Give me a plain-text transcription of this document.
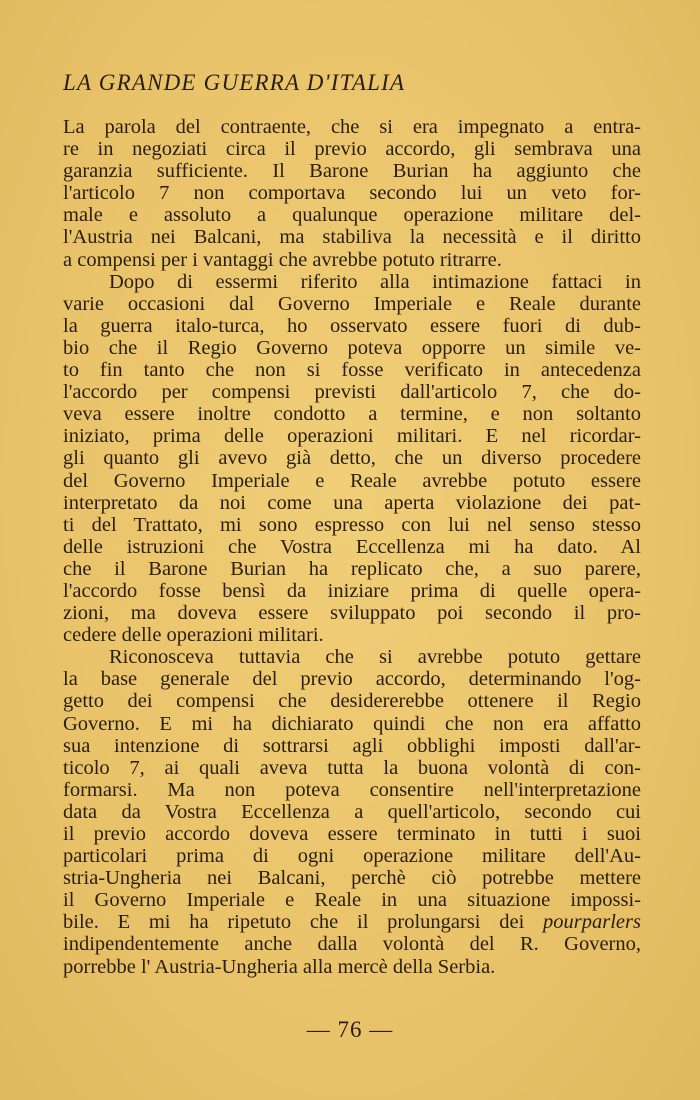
LA GRANDE GUERRA D'ITALIA
La parola del contraente, che si era impegnato a entra-
re in negoziati circa il previo accordo, gli sembrava una
garanzia sufficiente. Il Barone Burian ha aggiunto che
l'articolo 7 non comportava secondo lui un veto for-
male e assoluto a qualunque operazione militare del-
l'Austria nei Balcani, ma stabiliva la necessità e il diritto
a compensi per i vantaggi che avrebbe potuto ritrarre.
Dopo di essermi riferito alla intimazione fattaci in
varie occasioni dal Governo Imperiale e Reale durante
la guerra italo-turca, ho osservato essere fuori di dub-
bio che il Regio Governo poteva opporre un simile ve-
to fin tanto che non si fosse verificato in antecedenza
l'accordo per compensi previsti dall'articolo 7, che do-
veva essere inoltre condotto a termine, e non soltanto
iniziato, prima delle operazioni militari. E nel ricordar-
gli quanto gli avevo già detto, che un diverso procedere
del Governo Imperiale e Reale avrebbe potuto essere
interpretato da noi come una aperta violazione dei pat-
ti del Trattato, mi sono espresso con lui nel senso stesso
delle istruzioni che Vostra Eccellenza mi ha dato. Al
che il Barone Burian ha replicato che, a suo parere,
l'accordo fosse bensì da iniziare prima di quelle opera-
zioni, ma doveva essere sviluppato poi secondo il pro-
cedere delle operazioni militari.
Riconosceva tuttavia che si avrebbe potuto gettare
la base generale del previo accordo, determinando l'og-
getto dei compensi che desidererebbe ottenere il Regio
Governo. E mi ha dichiarato quindi che non era affatto
sua intenzione di sottrarsi agli obblighi imposti dall'ar-
ticolo 7, ai quali aveva tutta la buona volontà di con-
formarsi. Ma non poteva consentire nell'interpretazione
data da Vostra Eccellenza a quell'articolo, secondo cui
il previo accordo doveva essere terminato in tutti i suoi
particolari prima di ogni operazione militare dell'Au-
stria-Ungheria nei Balcani, perchè ciò potrebbe mettere
il Governo Imperiale e Reale in una situazione impossi-
bile. E mi ha ripetuto che il prolungarsi dei pourparlers
indipendentemente anche dalla volontà del R. Governo,
porrebbe l' Austria-Ungheria alla mercè della Serbia.
— 76 —
